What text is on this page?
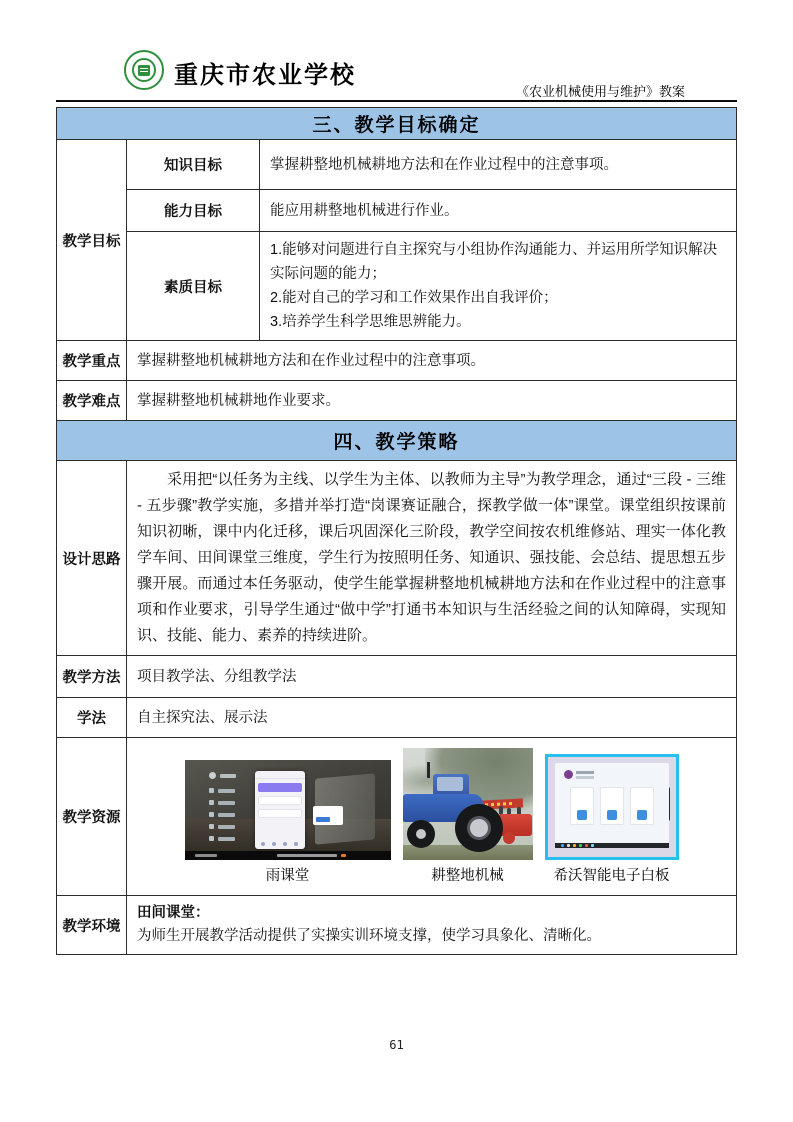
重庆市农业学校
《农业机械使用与维护》教案
三、教学目标确定		
教学目标	知识目标	掌握耕整地机械耕地方法和在作业过程中的注意事项。
	能力目标	能应用耕整地机械进行作业。
	素质目标	1.能够对问题进行自主探究与小组协作沟通能力、并运用所学知识解决实际问题的能力；
2.能对自己的学习和工作效果作出自我评价；
3.培养学生科学思维思辨能力。

教学重点	掌握耕整地机械耕地方法和在作业过程中的注意事项。	
教学难点	掌握耕整地机械耕地作业要求。	
四、教学策略		
设计思路	采用把“以任务为主线、以学生为主体、以教师为主导”为教学理念，通过“三段 - 三维 - 五步骤”教学实施，多措并举打造“岗课赛证融合，探教学做一体”课堂。课堂组织按课前知识初晰，课中内化迁移，课后巩固深化三阶段，教学空间按农机维修站、理实一体化教学车间、田间课堂三维度，学生行为按照明任务、知通识、强技能、会总结、提思想五步骤开展。而通过本任务驱动，使学生能掌握耕整地机械耕地方法和在作业过程中的注意事项和作业要求，引导学生通过“做中学”打通书本知识与生活经验之间的认知障碍，实现知识、技能、能力、素养的持续进阶。	

教学方法	项目教学法、分组教学法	
学法	自主探究法、展示法	
教学资源	雨课堂 耕整地机械 希沃智能电子白板	

教学环境	田间课堂：
为师生开展教学活动提供了实操实训环境支撑，使学习具象化、清晰化。	
61
